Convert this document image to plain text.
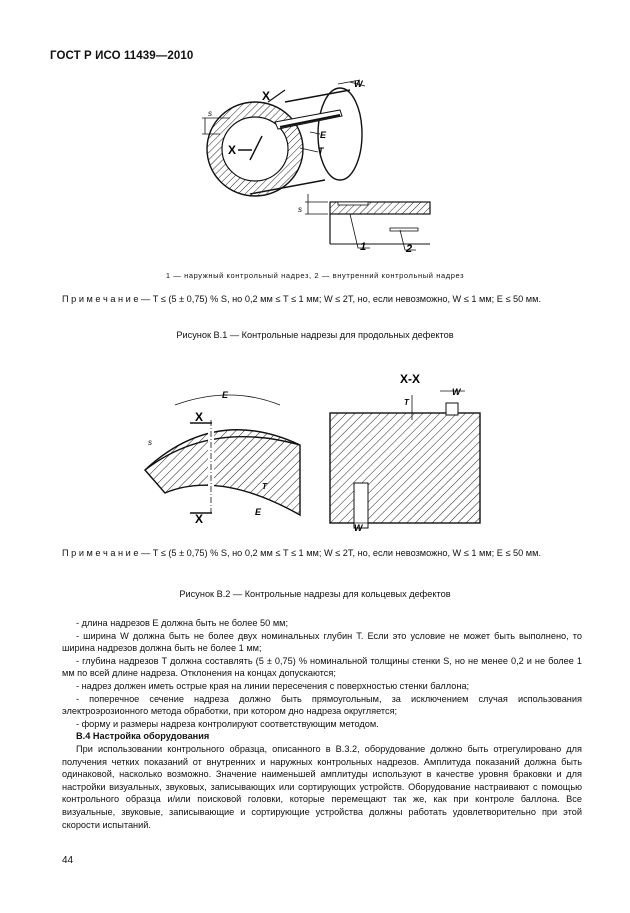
ГОСТ Р ИСО 11439—2010
X
X
W
E
T
s
s
1	2
1 — наружный контрольный надрез, 2 — внутренний контрольный надрез
П р и м е ч а н и е — T ≤ (5 ± 0,75) % S, но 0,2 мм ≤ T ≤ 1 мм; W ≤ 2T, но, если невозможно, W ≤ 1 мм; E ≤ 50 мм.
Рисунок В.1 — Контрольные надрезы для продольных дефектов
E
X
X
s
T
E
X-X
W
W
T
П р и м е ч а н и е — T ≤ (5 ± 0,75) % S, но 0,2 мм ≤ T ≤ 1 мм; W ≤ 2T, но, если невозможно, W ≤ 1 мм; E ≤ 50 мм.
Рисунок В.2 — Контрольные надрезы для кольцевых дефектов

- длина надрезов E должна быть не более 50 мм;

- ширина W должна быть не более двух номинальных глубин T. Если это условие не может быть выполнено, то ширина надрезов должна быть не более 1 мм;

- глубина надрезов T должна составлять (5 ± 0,75) % номинальной толщины стенки S, но не менее 0,2 и не более 1 мм по всей длине надреза. Отклонения на концах допускаются;

- надрез должен иметь острые края на линии пересечения с поверхностью стенки баллона;

- поперечное сечение надреза должно быть прямоугольным, за исключением случая использования электроэрозионного метода обработки, при котором дно надреза округляется;

- форму и размеры надреза контролируют соответствующим методом.

В.4 Настройка оборудования

При использовании контрольного образца, описанного в В.3.2, оборудование должно быть отрегулировано для получения четких показаний от внутренних и наружных контрольных надрезов. Амплитуда показаний должна быть одинаковой, насколько возможно. Значение наименьшей амплитуды используют в качестве уровня браковки и для настройки визуальных, звуковых, записывающих или сортирующих устройств. Оборудование настраивают с помощью контрольного образца и/или поисковой головки, которые перемещают так же, как при контроле баллона. Все визуальные, звуковые, записывающие и сортирующие устройства должны работать удовлетворительно при этой скорости испытаний.

44
